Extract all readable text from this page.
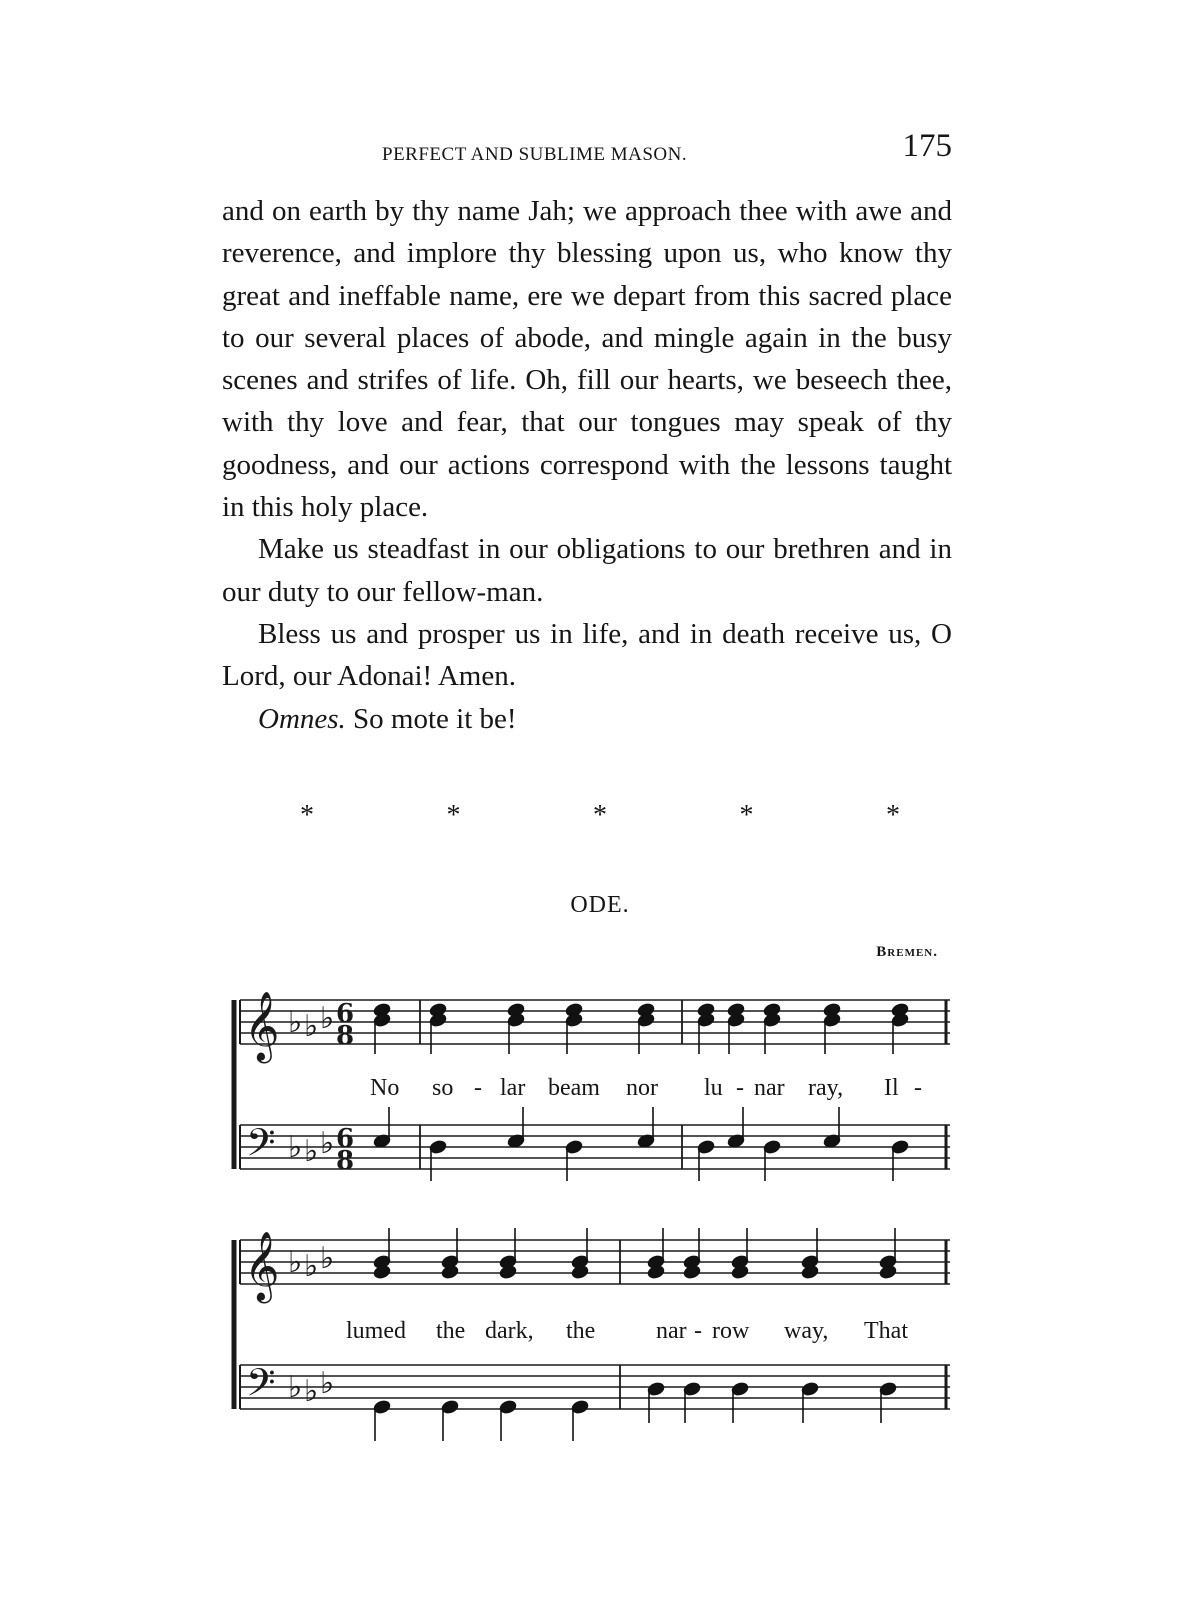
PERFECT AND SUBLIME MASON.	175

and on earth by thy name Jah; we approach thee with awe and reverence, and implore thy blessing upon us, who know thy great and ineffable name, ere we depart from this sacred place to our several places of abode, and mingle again in the busy scenes and strifes of life. Oh, fill our hearts, we beseech thee, with thy love and fear, that our tongues may speak of thy goodness, and our actions correspond with the lessons taught in this holy place.

Make us steadfast in our obligations to our brethren and in our duty to our fellow-man.

Bless us and prosper us in life, and in death receive us, O Lord, our Adonai! Amen.

Omnes. So mote it be!

*	*	*	*	*
ODE.
Bremen.
𝄞
𝄢
♭ ♭ ♭ 6
8
♭ ♭ ♭ 6
8
𝄞
𝄢
♭ ♭ ♭
♭ ♭ ♭
No so - lar beam nor lu - nar ray, Il -
lumed the dark, the	nar - row way, That
